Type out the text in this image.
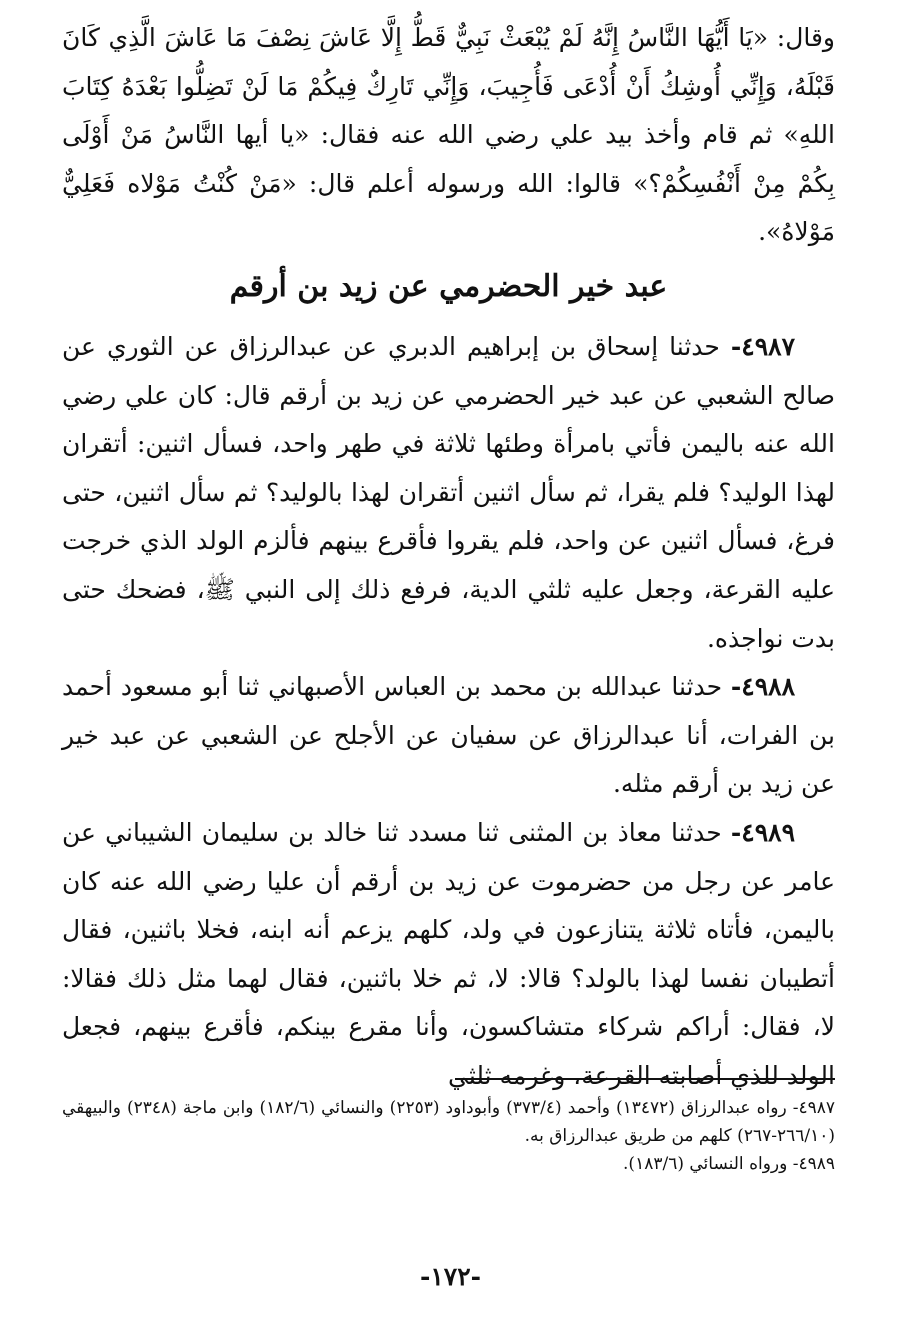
وقال: «يَا أَيُّهَا النَّاسُ إِنَّهُ لَمْ يُبْعَثْ نَبِيٌّ قَطُّ إِلَّا عَاشَ نِصْفَ مَا عَاشَ الَّذِي كَانَ قَبْلَهُ، وَإِنِّي أُوشِكُ أَنْ أُدْعَى فَأُجِيبَ، وَإِنِّي تَارِكٌ فِيكُمْ مَا لَنْ تَضِلُّوا بَعْدَهُ كِتَابَ اللهِ» ثم قام وأخذ بيد علي رضي الله عنه فقال: «يا أيها النَّاسُ مَنْ أَوْلَى بِكُمْ مِنْ أَنْفُسِكُمْ؟» قالوا: الله ورسوله أعلم قال: «مَنْ كُنْتُ مَوْلاه فَعَلِيٌّ مَوْلاهُ».

عبد خير الحضرمي عن زيد بن أرقم

٤٩٨٧- حدثنا إسحاق بن إبراهيم الدبري عن عبدالرزاق عن الثوري عن صالح الشعبي عن عبد خير الحضرمي عن زيد بن أرقم قال: كان علي رضي الله عنه باليمن فأتي بامرأة وطئها ثلاثة في طهر واحد، فسأل اثنين: أتقران لهذا الوليد؟ فلم يقرا، ثم سأل اثنين أتقران لهذا بالوليد؟ ثم سأل اثنين، حتى فرغ، فسأل اثنين عن واحد، فلم يقروا فأقرع بينهم فألزم الولد الذي خرجت عليه القرعة، وجعل عليه ثلثي الدية، فرفع ذلك إلى النبي ﷺ، فضحك حتى بدت نواجذه.

٤٩٨٨- حدثنا عبدالله بن محمد بن العباس الأصبهاني ثنا أبو مسعود أحمد بن الفرات، أنا عبدالرزاق عن سفيان عن الأجلح عن الشعبي عن عبد خير عن زيد بن أرقم مثله.

٤٩٨٩- حدثنا معاذ بن المثنى ثنا مسدد ثنا خالد بن سليمان الشيباني عن عامر عن رجل من حضرموت عن زيد بن أرقم أن عليا رضي الله عنه كان باليمن، فأتاه ثلاثة يتنازعون في ولد، كلهم يزعم أنه ابنه، فخلا باثنين، فقال أتطيبان نفسا لهذا بالولد؟ قالا: لا، ثم خلا باثنين، فقال لهما مثل ذلك فقالا: لا، فقال: أراكم شركاء متشاكسون، وأنا مقرع بينكم، فأقرع بينهم، فجعل الولد للذي أصابته القرعة، وغرمه ثلثي

٤٩٨٧- رواه عبدالرزاق (١٣٤٧٢) وأحمد (٣٧٣/٤) وأبوداود (٢٢٥٣) والنسائي (١٨٢/٦) وابن ماجة (٢٣٤٨) والبيهقي (٢٦٦/١٠-٢٦٧) كلهم من طريق عبدالرزاق به.

٤٩٨٩- ورواه النسائي (١٨٣/٦).

-١٧٢-
